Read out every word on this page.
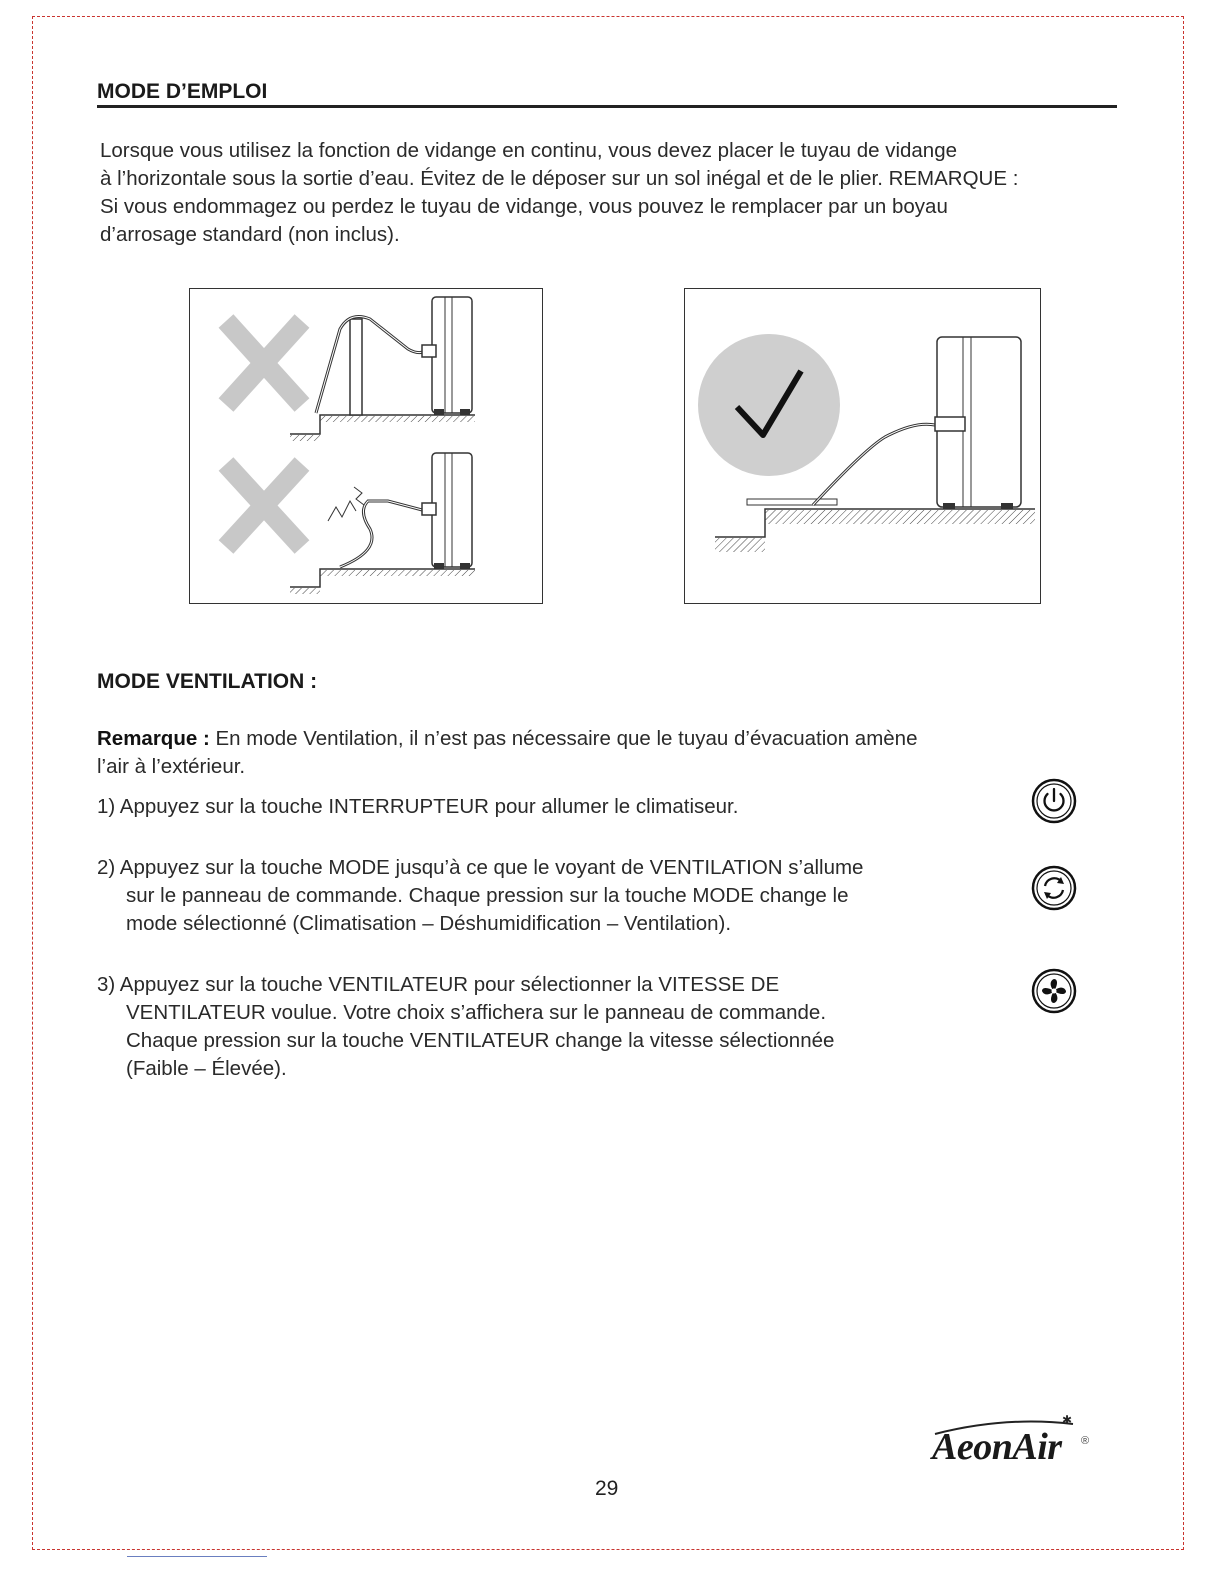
MODE D’EMPLOI
Lorsque vous utilisez la fonction de vidange en continu, vous devez placer le tuyau de vidange
à l’horizontale sous la sortie d’eau. Évitez de le déposer sur un sol inégal et de le plier. REMARQUE :
Si vous endommagez ou perdez le tuyau de vidange, vous pouvez le remplacer par un boyau
d’arrosage standard (non inclus).
MODE VENTILATION :
Remarque : En mode Ventilation, il n’est pas nécessaire que le tuyau d’évacuation amène
l’air à l’extérieur.
1) Appuyez sur la touche INTERRUPTEUR pour allumer le climatiseur.
2) Appuyez sur la touche MODE jusqu’à ce que le voyant de VENTILATION s’allume
sur le panneau de commande. Chaque pression sur la touche MODE change le
mode sélectionné (Climatisation – Déshumidification – Ventilation).
3) Appuyez sur la touche VENTILATEUR pour sélectionner la VITESSE DE
VENTILATEUR voulue. Votre choix s’affichera sur le panneau de commande.
Chaque pression sur la touche VENTILATEUR change la vitesse sélectionnée
(Faible – Élevée).
✱
AeonAir ®
29
